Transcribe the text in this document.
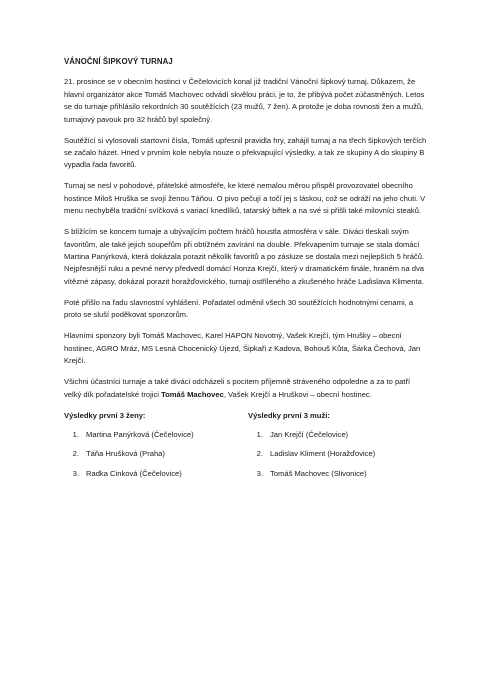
VÁNOČNÍ ŠIPKOVÝ TURNAJ

21. prosince se v obecním hostinci v Čečelovicích konal již tradiční Vánoční šipkový turnaj. Důkazem, že hlavní organizátor akce Tomáš Machovec odvádí skvělou práci, je to, že přibývá počet zúčastněných. Letos se do turnaje přihlásilo rekordních 30 soutěžících (23 mužů, 7 žen). A protože je doba rovnosti žen a mužů, turnajový pavouk pro 32 hráčů byl společný.

Soutěžící si vylosovali startovní čísla, Tomáš upřesnil pravidla hry, zahájil turnaj a na třech šipkových terčích se začalo házet. Hned v prvním kole nebyla nouze o překvapující výsledky, a tak ze skupiny A do skupiny B vypadla řada favoritů.

Turnaj se nesl v pohodové, přátelské atmosféře, ke které nemalou měrou přispěl provozovatel obecního hostince Miloš Hruška se svojí ženou Táňou. O pivo pečují a točí jej s láskou, což se odráží na jeho chuti. V menu nechyběla tradiční svíčková s variací knedlíků, tatarský biftek a na své si přišli také milovníci steaků.

S blížícím se koncem turnaje a ubývajícím počtem hráčů houstla atmosféra v sále. Diváci tleskali svým favoritům, ale také jejich soupeřům při obtížném zavírání na double. Překvapením turnaje se stala domácí Martina Panýrková, která dokázala porazit několik favoritů a po zásluze se dostala mezi nejlepších 5 hráčů. Nejpřesnější ruku a pevné nervy předvedl domácí Honza Krejčí, který v dramatickém finále, hraném na dva vítězné zápasy, dokázal porazit horažďovického, turnaji ostříleného a zkušeného hráče Ladislava Klimenta.

Poté přišlo na řadu slavnostní vyhlášení. Pořadatel odměnil všech 30 soutěžících hodnotnými cenami, a proto se sluší poděkovat sponzorům.

Hlavními sponzory byli Tomáš Machovec, Karel HAPON Novotný, Vašek Krejčí, tým Hrušky – obecní hostinec, AGRO Mráz, MS Lesná Chocenický Újezd, Šipkaři z Kadova, Bohouš Kůta, Šárka Čechová, Jan Krejčí.

Všichni účastníci turnaje a také diváci odcházeli s pocitem příjemně stráveného odpoledne a za to patří velký dík pořadatelské trojici Tomáš Machovec, Vašek Krejčí a Hruškovi – obecní hostinec.

Výsledky první 3 ženy:
1. Martina Panýrková (Čečelovice)
2. Táňa Hrušková (Praha)
3. Radka Cinková (Čečelovice)
Výsledky první 3 muži:
1. Jan Krejčí (Čečelovice)
2. Ladislav Kliment (Horažďovice)
3. Tomáš Machovec (Slivonice)
